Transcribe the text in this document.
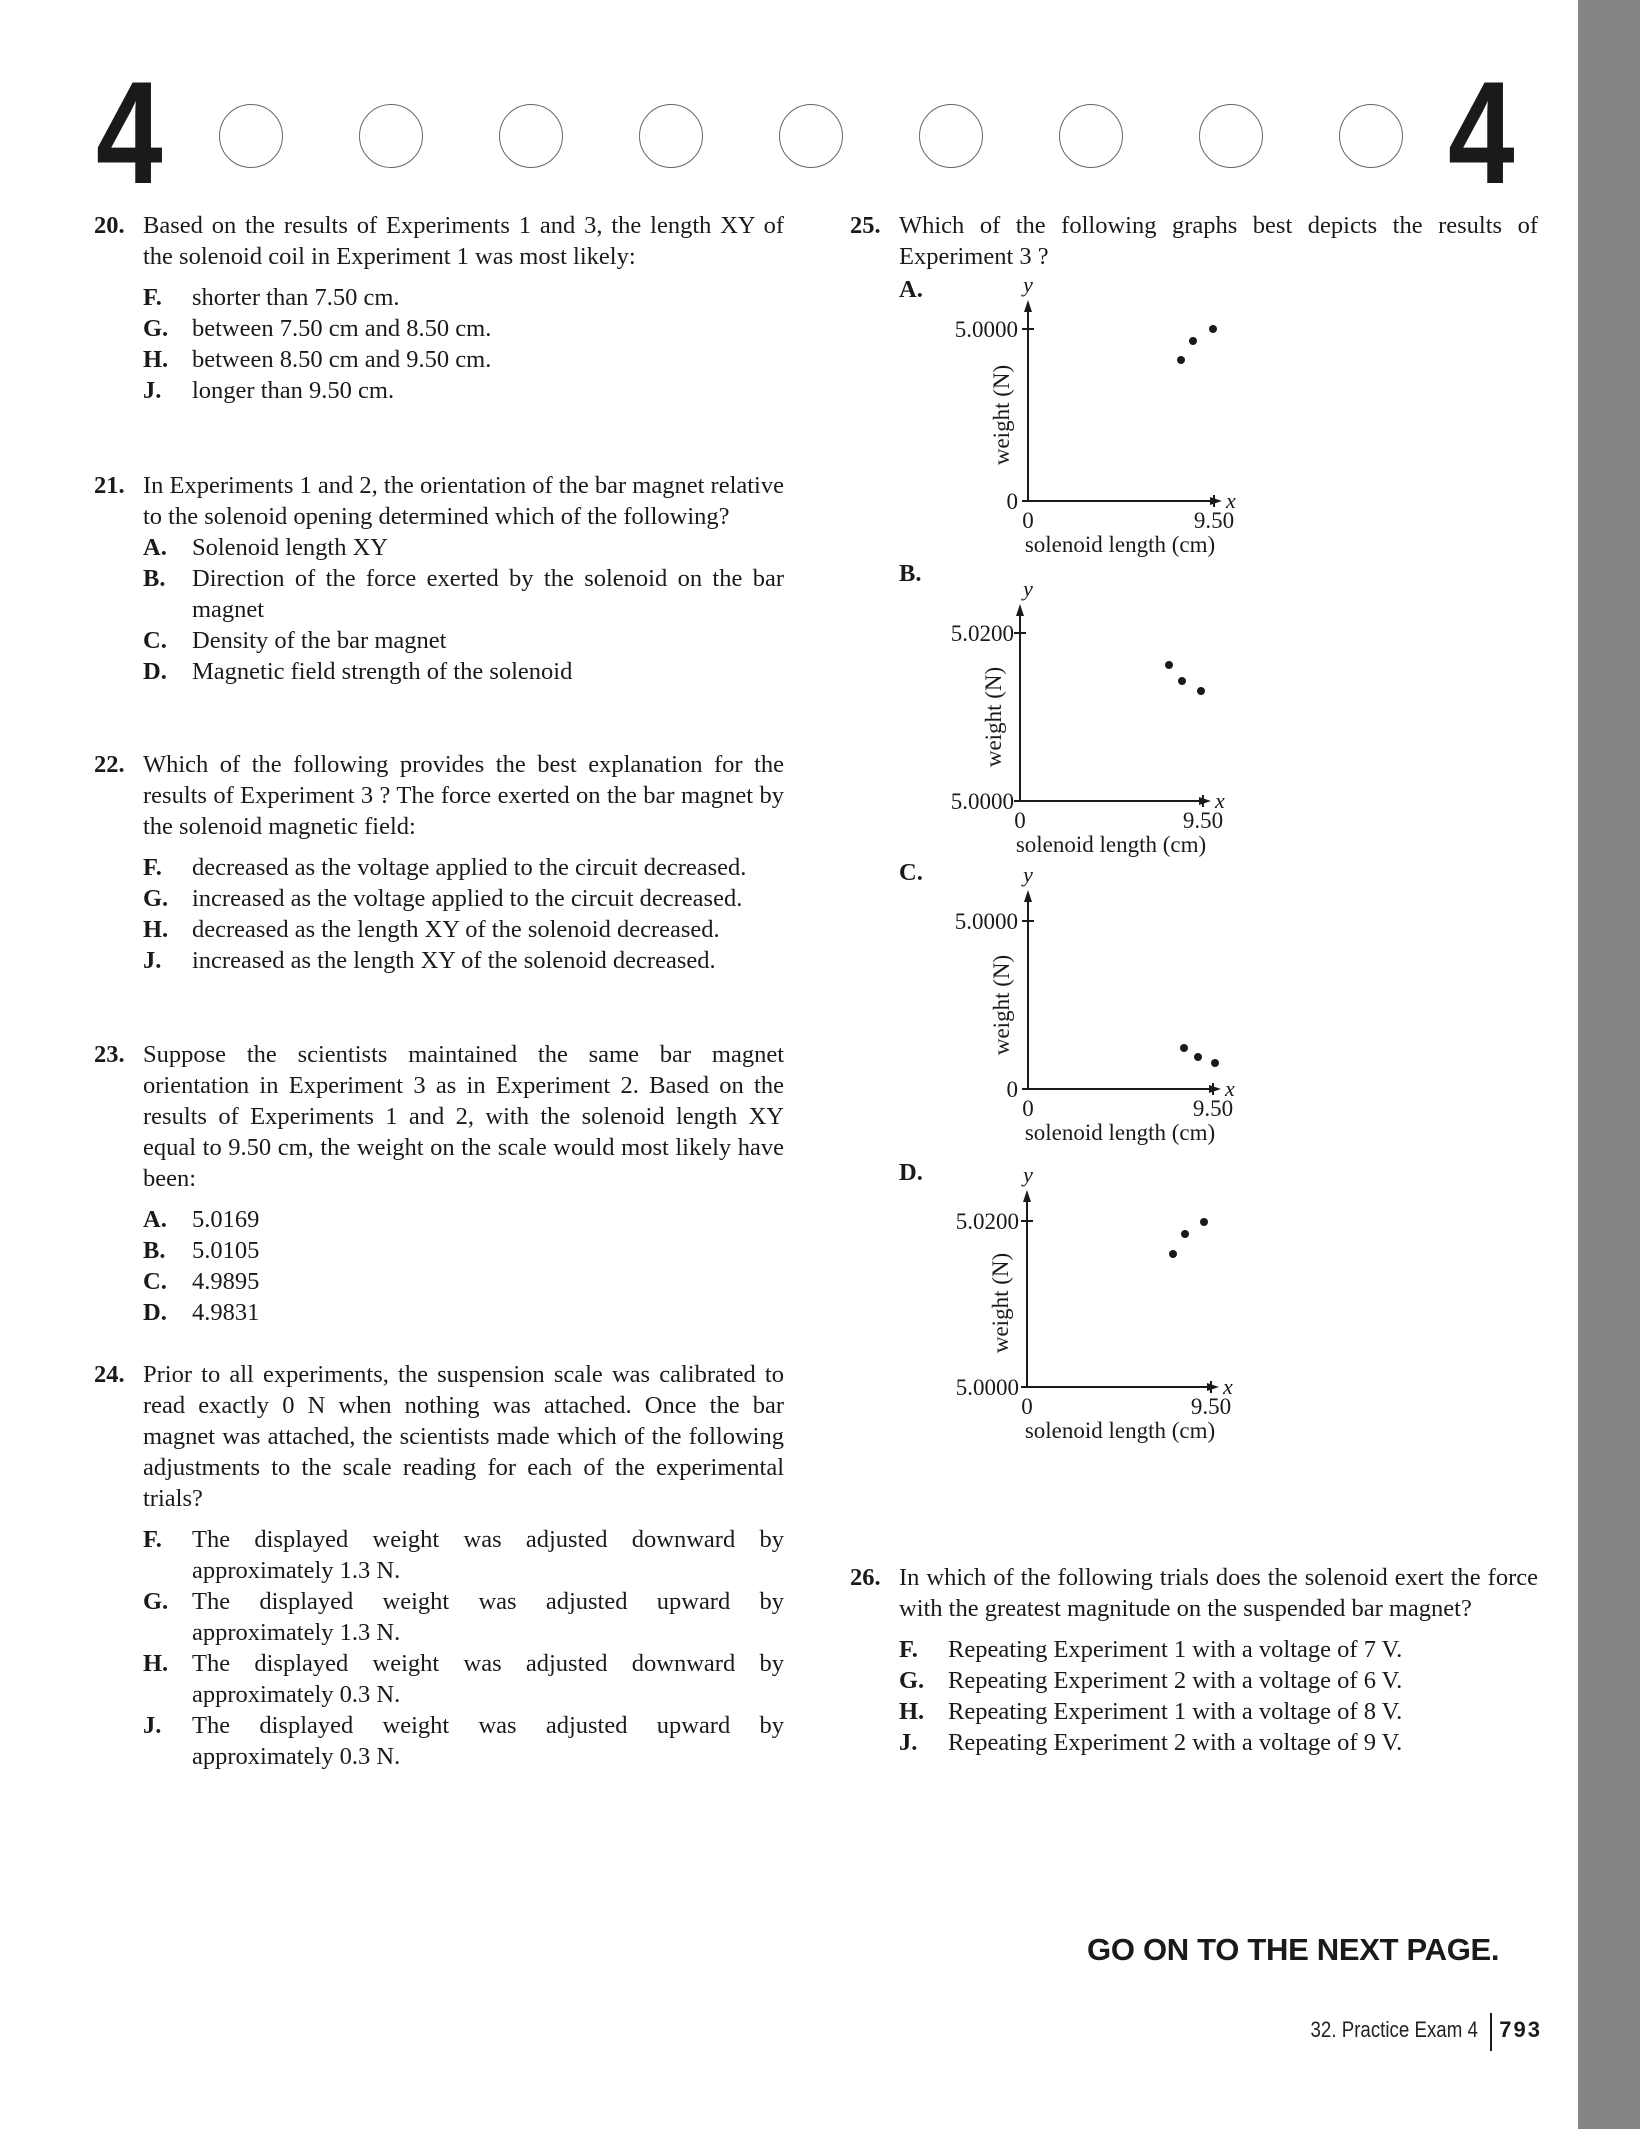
4	4
20. Based on the results of Experiments 1 and 3, the length XY of the solenoid coil in Experiment 1 was most likely:
F. shorter than 7.50 cm.
G. between 7.50 cm and 8.50 cm.
H. between 8.50 cm and 9.50 cm.
J. longer than 9.50 cm.
21. In Experiments 1 and 2, the orientation of the bar magnet relative to the solenoid opening determined which of the following?
A. Solenoid length XY
B. Direction of the force exerted by the solenoid on the bar magnet
C. Density of the bar magnet
D. Magnetic field strength of the solenoid
22. Which of the following provides the best explanation for the results of Experiment 3 ? The force exerted on the bar magnet by the solenoid magnetic field:
F. decreased as the voltage applied to the circuit decreased.
G. increased as the voltage applied to the circuit decreased.
H. decreased as the length XY of the solenoid decreased.
J. increased as the length XY of the solenoid decreased.
23. Suppose the scientists maintained the same bar magnet orientation in Experiment 3 as in Experiment 2. Based on the results of Experiments 1 and 2, with the solenoid length XY equal to 9.50 cm, the weight on the scale would most likely have been:
A. 5.0169
B. 5.0105
C. 4.9895
D. 4.9831
24. Prior to all experiments, the suspension scale was calibrated to read exactly 0 N when nothing was attached. Once the bar magnet was attached, the scientists made which of the following adjustments to the scale reading for each of the experimental trials?
F. The displayed weight was adjusted downward by approximately 1.3 N.
G. The displayed weight was adjusted upward by approximately 1.3 N.
H. The displayed weight was adjusted downward by approximately 0.3 N.
J. The displayed weight was adjusted upward by approximately 0.3 N.
25. Which of the following graphs best depicts the results of Experiment 3 ?
A.	y
5.0000
x
0
0	9.50
solenoid length (cm)
weight (N)
B.
y
5.0200
x
5.0000
0	9.50
solenoid length (cm)
weight (N)
C.	y
5.0000
x
0
0	9.50
solenoid length (cm)
weight (N)
D.	y
5.0200
x
5.0000
0	9.50
solenoid length (cm)
weight (N)
26. In which of the following trials does the solenoid exert the force with the greatest magnitude on the suspended bar magnet?
F. Repeating Experiment 1 with a voltage of 7 V.
G. Repeating Experiment 2 with a voltage of 6 V.
H. Repeating Experiment 1 with a voltage of 8 V.
J. Repeating Experiment 2 with a voltage of 9 V.
GO ON TO THE NEXT PAGE.
32. Practice Exam 4 793
